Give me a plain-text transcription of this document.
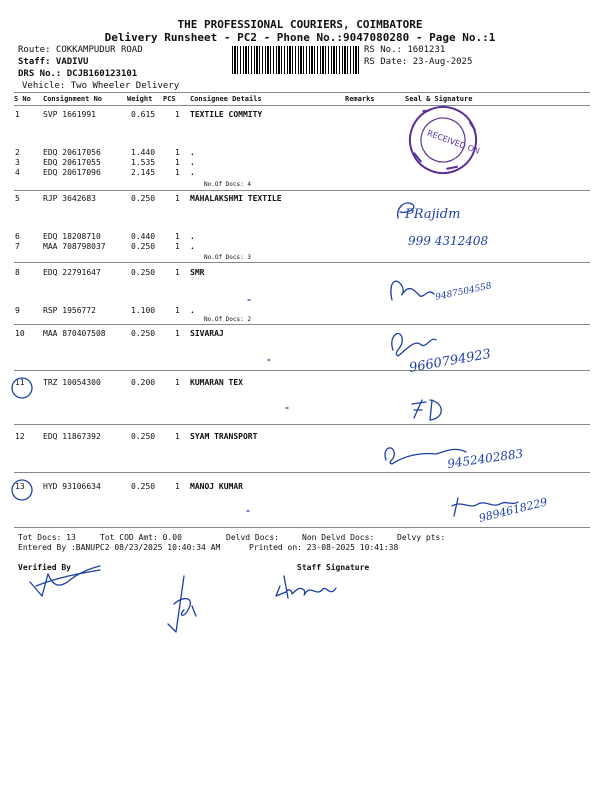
THE PROFESSIONAL COURIERS, COIMBATORE
Delivery Runsheet - PC2 - Phone No.:9047080280 - Page No.:1
Route: COKKAMPUDUR ROAD
Staff: VADIVU
DRS No.: DCJB160123101
Vehicle: Two Wheeler Delivery
RS No.: 1601231
RS Date: 23-Aug-2025
S No Consignment No	Weight PCS Consignee Details	Remarks	Seal & Signature
1	SVP 1661991	0.615 1 TEXTILE COMMITY
2	EDQ 20617056	1.440 1 .
3	EDQ 20617055	1.535 1 .
4	EDQ 20617096	2.145 1 .
5	RJP 3642683	0.250 1 MAHALAKSHMI TEXTILE
6	EDQ 18208710	0.440 1 .
7	MAA 708798037	0.250 1 .
8	EDQ 22791647	0.250 1 SMR
9	RSP 1956772	1.100 1 .
10 MAA 870407508	0.250 1 SIVARAJ
11 TRZ 10054300	0.200 1 KUMARAN TEX
12 EDQ 11867392	0.250 1 SYAM TRANSPORT
13 HYD 93106634	0.250 1 MANOJ KUMAR
No.Of Docs: 4
No.Of Docs: 3
No.Of Docs: 2
Tot Docs: 13	Tot COD Amt: 0.00	Delvd Docs:	Non Delvd Docs:	Delvy pts:
Entered By :BANUPC2 08/23/2025 10:40:34 AM	Printed on: 23-08-2025 10:41:38
Verified By	Staff Signature
RECEIVED ON
PRajidm
999 4312408
9487504558
9660794923
9452402883
9894618229
